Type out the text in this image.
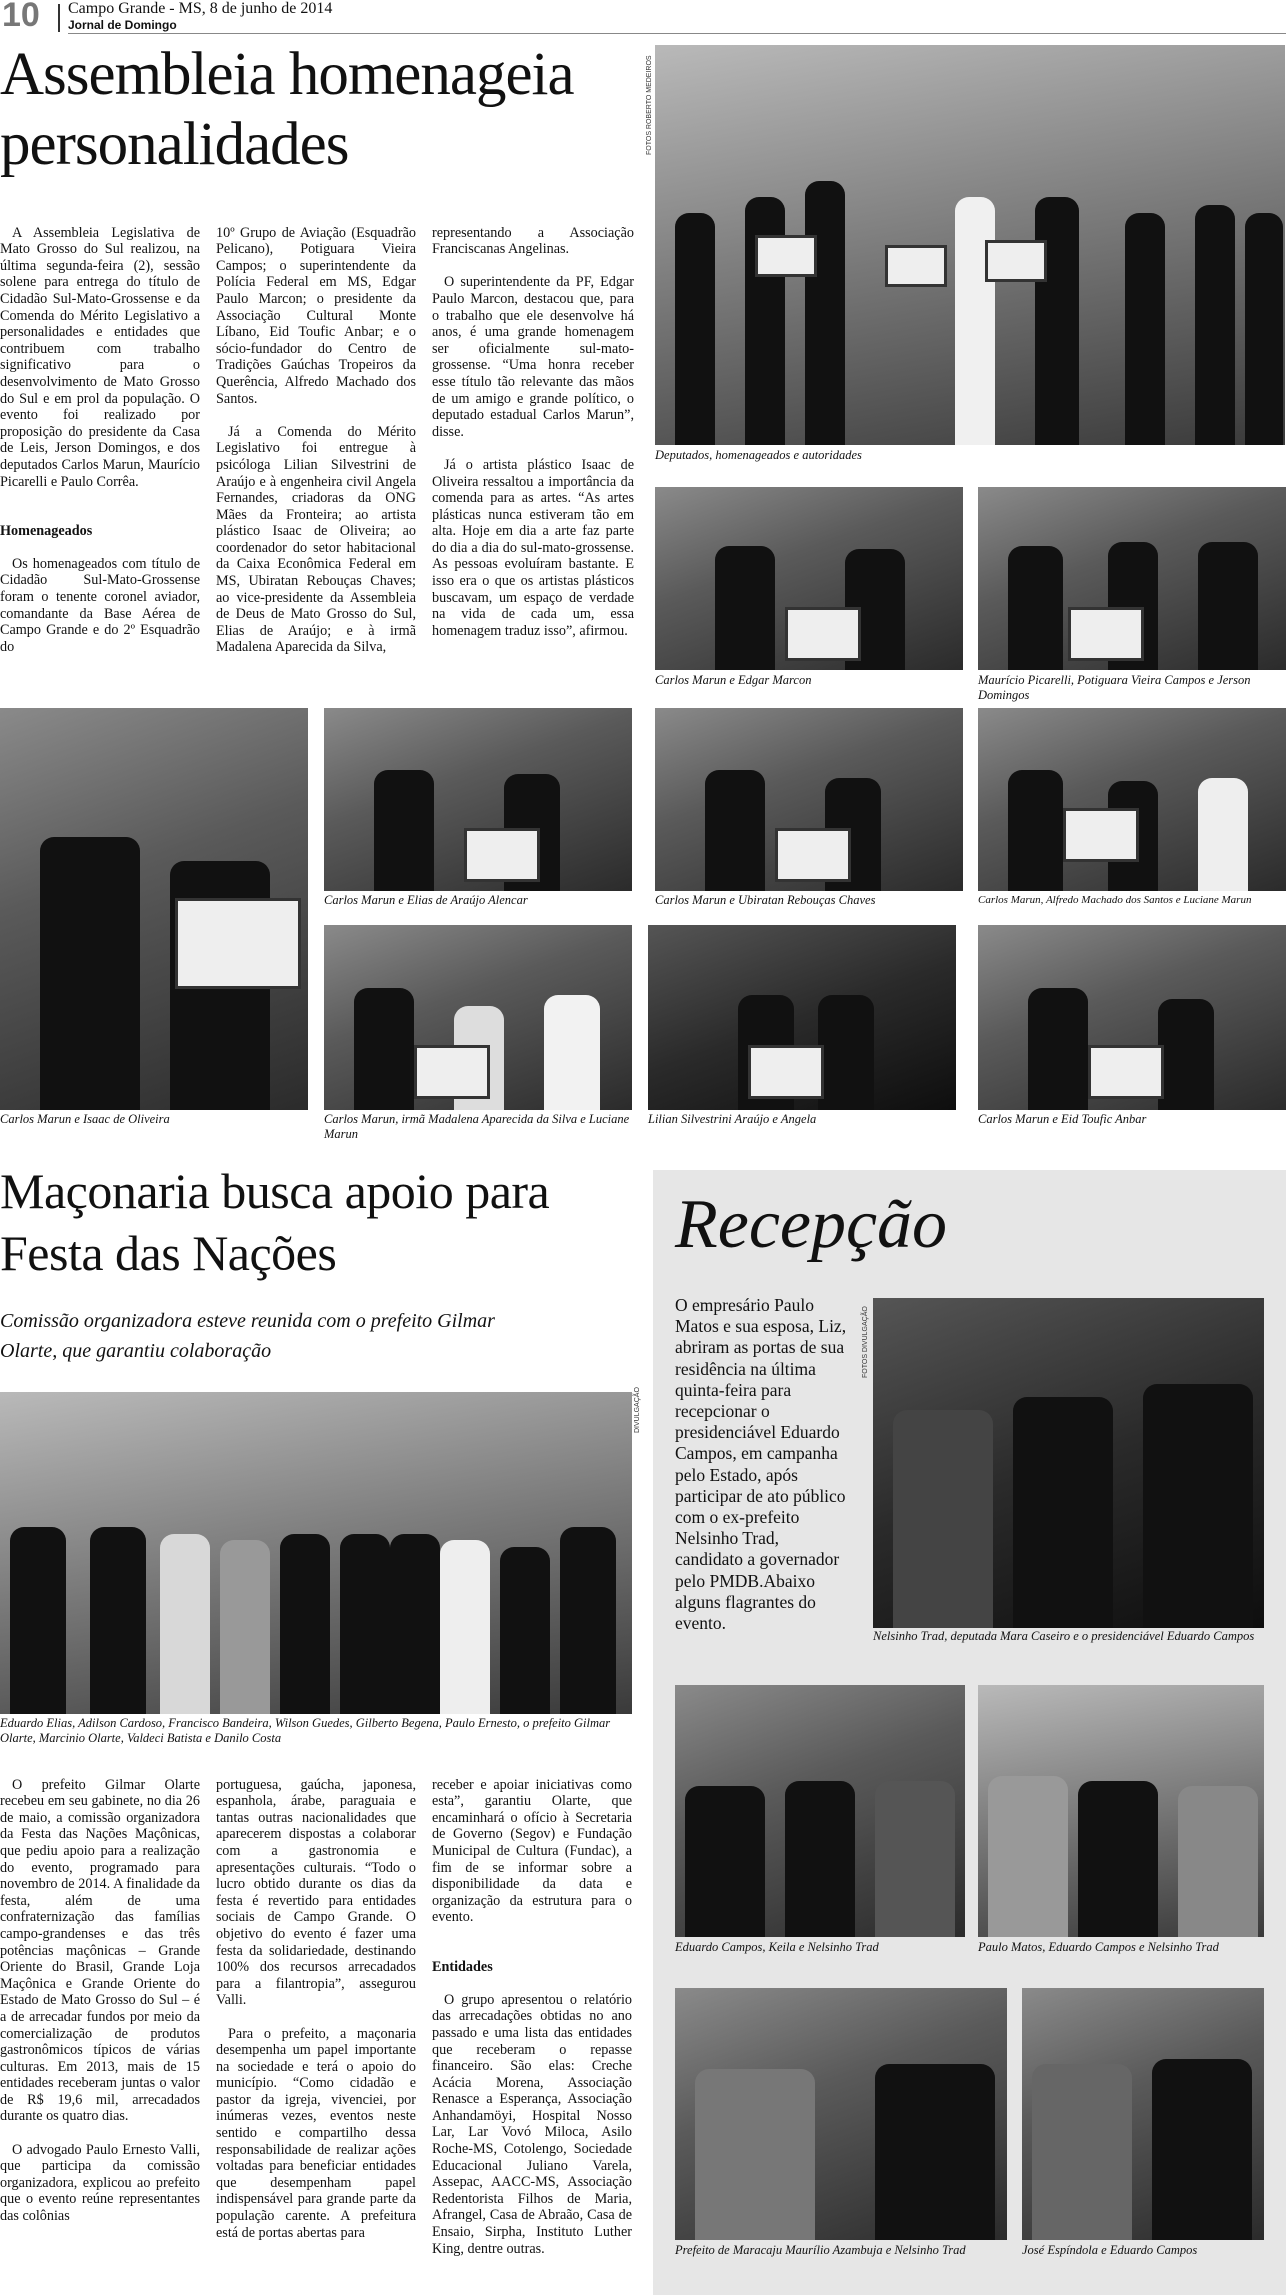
10 Campo Grande - MS, 8 de junho de 2014
Jornal de Domingo
Assembleia homenageia personalidades

A Assembleia Legislativa de Mato Grosso do Sul realizou, na última segunda-feira (2), sessão solene para entrega do título de Cidadão Sul-Mato-Grossense e da Comenda do Mérito Legislativo a personalidades e entidades que contribuem com trabalho significativo para o desenvolvimento de Mato Grosso do Sul e em prol da população. O evento foi realizado por proposição do presidente da Casa de Leis, Jerson Domingos, e dos deputados Carlos Marun, Maurício Picarelli e Paulo Corrêa.

Homenageados

Os homenageados com título de Cidadão Sul-Mato-Grossense foram o tenente coronel aviador, comandante da Base Aérea de Campo Grande e do 2º Esquadrão do

10º Grupo de Aviação (Esquadrão Pelicano), Potiguara Vieira Campos; o superintendente da Polícia Federal em MS, Edgar Paulo Marcon; o presidente da Associação Cultural Monte Líbano, Eid Toufic Anbar; e o sócio-fundador do Centro de Tradições Gaúchas Tropeiros da Querência, Alfredo Machado dos Santos.

Já a Comenda do Mérito Legislativo foi entregue à psicóloga Lilian Silvestrini de Araújo e à engenheira civil Angela Fernandes, criadoras da ONG Mães da Fronteira; ao artista plástico Isaac de Oliveira; ao coordenador do setor habitacional da Caixa Econômica Federal em MS, Ubiratan Rebouças Chaves; ao vice-presidente da Assembleia de Deus de Mato Grosso do Sul, Elias de Araújo; e à irmã Madalena Aparecida da Silva,

representando a Associação Franciscanas Angelinas.

O superintendente da PF, Edgar Paulo Marcon, destacou que, para o trabalho que ele desenvolve há anos, é uma grande homenagem ser oficialmente sul-mato-grossense. “Uma honra receber esse título tão relevante das mãos de um amigo e grande político, o deputado estadual Carlos Marun”, disse.

Já o artista plástico Isaac de Oliveira ressaltou a importância da comenda para as artes. “As artes plásticas nunca estiveram tão em alta. Hoje em dia a arte faz parte do dia a dia do sul-mato-grossense. As pessoas evoluíram bastante. E isso era o que os artistas plásticos buscavam, um espaço de verdade na vida de cada um, essa homenagem traduz isso”, afirmou.

FOTOS ROBERTO MEDEIROS
Deputados, homenageados e autoridades
Carlos Marun e Edgar Marcon	Maurício Picarelli, Potiguara Vieira Campos e Jerson Domingos
Carlos Marun e Isaac de Oliveira
Carlos Marun e Elias de Araújo Alencar	Carlos Marun e Ubiratan Rebouças Chaves	Carlos Marun, Alfredo Machado dos Santos e Luciane Marun
Carlos Marun, irmã Madalena Aparecida da Silva e Luciane Marun
Lilian Silvestrini Araújo e Angela	Carlos Marun e Eid Toufic Anbar
Maçonaria busca apoio para Festa das Nações
Comissão organizadora esteve reunida com o prefeito Gilmar Olarte, que garantiu colaboração
DIVULGAÇÃO
Eduardo Elias, Adilson Cardoso, Francisco Bandeira, Wilson Guedes, Gilberto Begena, Paulo Ernesto, o prefeito Gilmar Olarte, Marcinio Olarte, Valdeci Batista e Danilo Costa

O prefeito Gilmar Olarte recebeu em seu gabinete, no dia 26 de maio, a comissão organizadora da Festa das Nações Maçônicas, que pediu apoio para a realização do evento, programado para novembro de 2014. A finalidade da festa, além de uma confraternização das famílias campo-grandenses e das três potências maçônicas – Grande Oriente do Brasil, Grande Loja Maçônica e Grande Oriente do Estado de Mato Grosso do Sul – é a de arrecadar fundos por meio da comercialização de produtos gastronômicos típicos de várias culturas. Em 2013, mais de 15 entidades receberam juntas o valor de R$ 19,6 mil, arrecadados durante os quatro dias.

O advogado Paulo Ernesto Valli, que participa da comissão organizadora, explicou ao prefeito que o evento reúne representantes das colônias

portuguesa, gaúcha, japonesa, espanhola, árabe, paraguaia e tantas outras nacionalidades que aparecerem dispostas a colaborar com a gastronomia e apresentações culturais. “Todo o lucro obtido durante os dias da festa é revertido para entidades sociais de Campo Grande. O objetivo do evento é fazer uma festa da solidariedade, destinando 100% dos recursos arrecadados para a filantropia”, assegurou Valli.

Para o prefeito, a maçonaria desempenha um papel importante na sociedade e terá o apoio do município. “Como cidadão e pastor da igreja, vivenciei, por inúmeras vezes, eventos neste sentido e compartilho dessa responsabilidade de realizar ações voltadas para beneficiar entidades que desempenham papel indispensável para grande parte da população carente. A prefeitura está de portas abertas para

receber e apoiar iniciativas como esta”, garantiu Olarte, que encaminhará o ofício à Secretaria de Governo (Segov) e Fundação Municipal de Cultura (Fundac), a fim de se informar sobre a disponibilidade da data e organização da estrutura para o evento.

Entidades

O grupo apresentou o relatório das arrecadações obtidas no ano passado e uma lista das entidades que receberam o repasse financeiro. São elas: Creche Acácia Morena, Associação Renasce a Esperança, Associação Anhandamöyi, Hospital Nosso Lar, Lar Vovó Miloca, Asilo Roche-MS, Cotolengo, Sociedade Educacional Juliano Varela, Assepac, AACC-MS, Associação Redentorista Filhos de Maria, Afrangel, Casa de Abraão, Casa de Ensaio, Sirpha, Instituto Luther King, dentre outras.

Recepção
O empresário Paulo Matos e sua esposa, Liz, abriram as portas de sua residência na última quinta-feira para recepcionar o presidenciável Eduardo Campos, em campanha pelo Estado, após participar de ato público com o ex-prefeito Nelsinho Trad, candidato a governador pelo PMDB.Abaixo alguns flagrantes do evento.
FOTOS DIVULGAÇÃO
Nelsinho Trad, deputada Mara Caseiro e o presidenciável Eduardo Campos
Eduardo Campos, Keila e Nelsinho Trad	Paulo Matos, Eduardo Campos e Nelsinho Trad
Prefeito de Maracaju Maurílio Azambuja e Nelsinho Trad	José Espíndola e Eduardo Campos
